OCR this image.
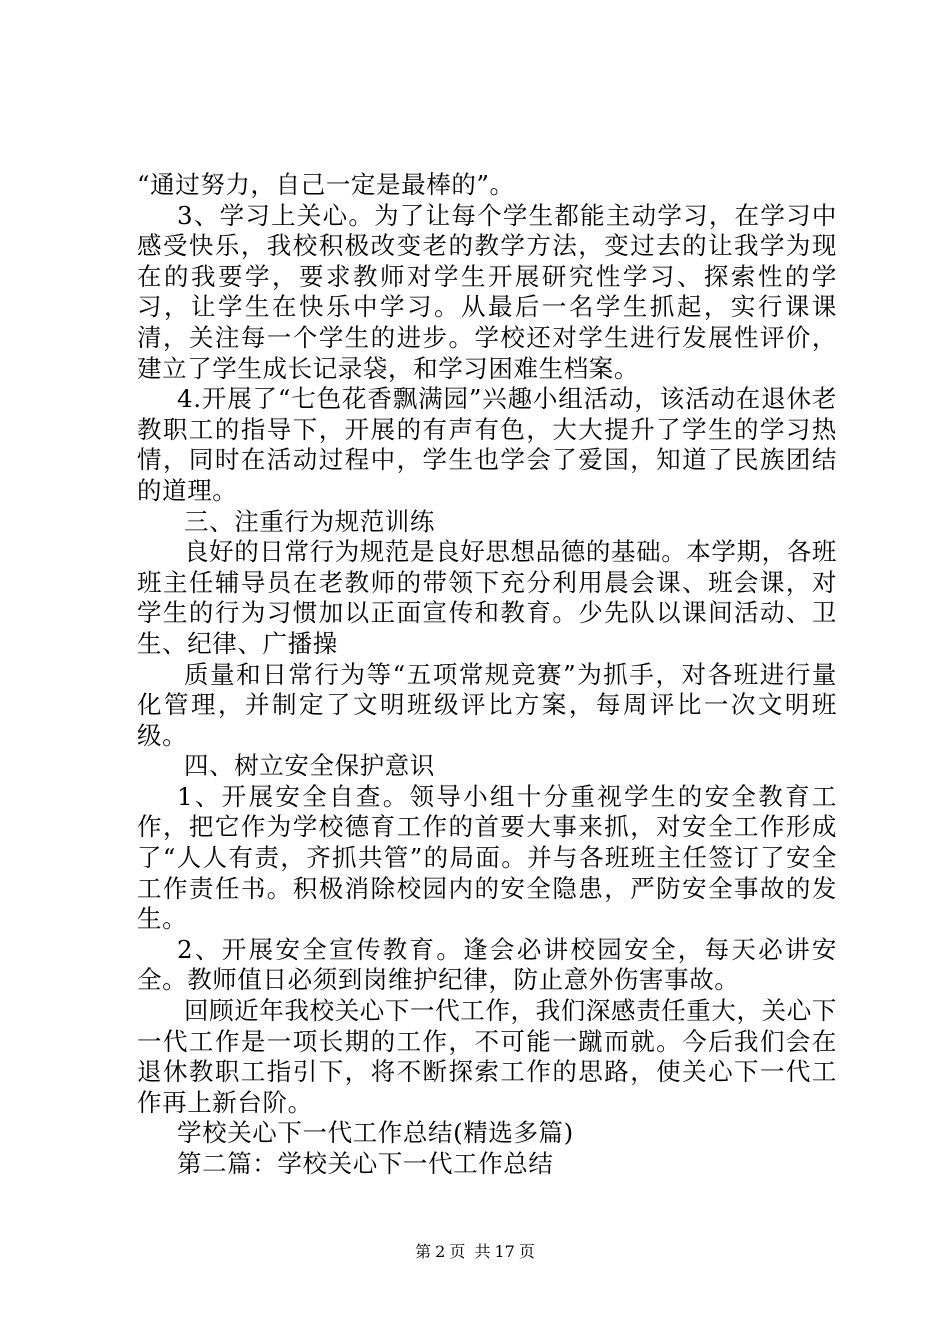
“通过努力，自己一定是最棒的”。

3、学习上关心。为了让每个学生都能主动学习，在学习中感受快乐，我校积极改变老的教学方法，变过去的让我学为现在的我要学，要求教师对学生开展研究性学习、探索性的学习，让学生在快乐中学习。从最后一名学生抓起，实行课课清，关注每一个学生的进步。学校还对学生进行发展性评价，建立了学生成长记录袋，和学习困难生档案。

4.开展了“七色花香飘满园”兴趣小组活动，该活动在退休老教职工的指导下，开展的有声有色，大大提升了学生的学习热情，同时在活动过程中，学生也学会了爱国，知道了民族团结的道理。

三、注重行为规范训练

良好的日常行为规范是良好思想品德的基础。本学期，各班班主任辅导员在老教师的带领下充分利用晨会课、班会课，对学生的行为习惯加以正面宣传和教育。少先队以课间活动、卫生、纪律、广播操

质量和日常行为等“五项常规竞赛”为抓手，对各班进行量化管理，并制定了文明班级评比方案，每周评比一次文明班级。

四、树立安全保护意识

1、开展安全自查。领导小组十分重视学生的安全教育工作，把它作为学校德育工作的首要大事来抓，对安全工作形成了“人人有责，齐抓共管”的局面。并与各班班主任签订了安全工作责任书。积极消除校园内的安全隐患，严防安全事故的发生。

2、开展安全宣传教育。逢会必讲校园安全，每天必讲安全。教师值日必须到岗维护纪律，防止意外伤害事故。

回顾近年我校关心下一代工作，我们深感责任重大，关心下一代工作是一项长期的工作，不可能一蹴而就。今后我们会在退休教职工指引下，将不断探索工作的思路，使关心下一代工作再上新台阶。

学校关心下一代工作总结(精选多篇)

第二篇：学校关心下一代工作总结

第 2 页 共 17 页
